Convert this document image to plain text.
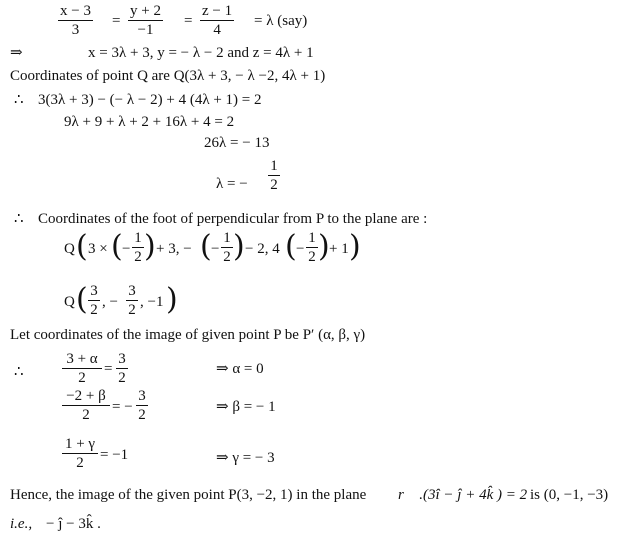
x − 3
3
=
y + 2
−1
=
z − 1
4
= λ (say)
⇒	x = 3λ + 3, y = − λ − 2 and z = 4λ + 1
Coordinates of point Q are Q(3λ + 3, − λ −2, 4λ + 1)
∴ 3(3λ + 3) − (− λ − 2) + 4 (4λ + 1) = 2
9λ + 9 + λ + 2 + 16λ + 4 = 2
26λ = − 13
λ = −
1
2
∴ Coordinates of the foot of perpendicular from P to the plane are :
Q ( 3 × ( −
1
2 ) + 3, − ( −
1
2 ) − 2, 4 ( −
1
2 ) + 1 )
Q ( 3
2 , −
3
2 , −1 )
Let coordinates of the image of given point P be P′ (α, β, γ)
∴
3 + α
2
=
3
2
⇒ α = 0
−2 + β
2	= −
3
2	⇒ β = − 1
1 + γ
2	= −1	⇒ γ = − 3
Hence, the image of the given point P(3, −2, 1) in the plane r⃗ .(3î − ĵ + 4k̂ ) = 2 is (0, −1, −3)
i.e., − ĵ − 3k̂ .
